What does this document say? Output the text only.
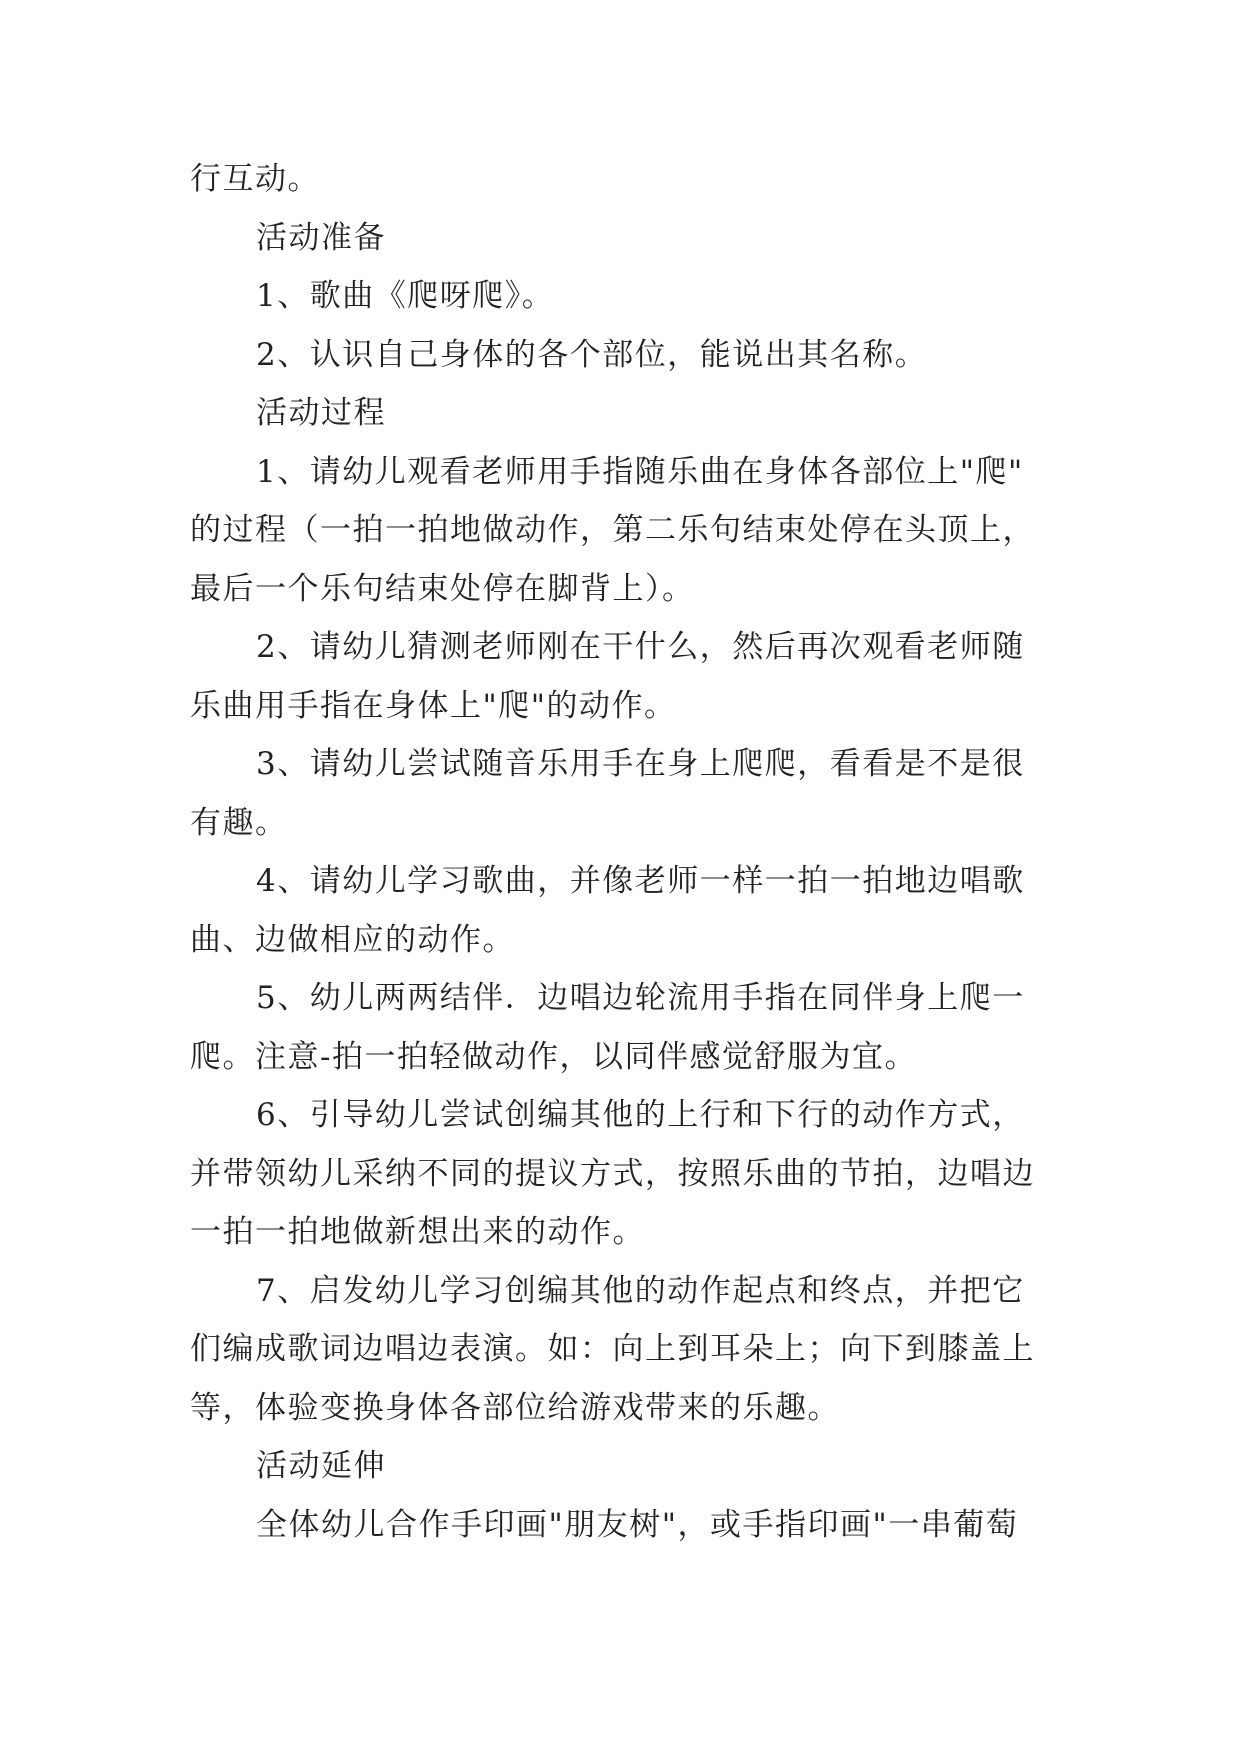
行互动。
活动准备
1、歌曲《爬呀爬》。
2、认识自己身体的各个部位，能说出其名称。
活动过程
1、请幼儿观看老师用手指随乐曲在身体各部位上"爬"
的过程（一拍一拍地做动作，第二乐句结束处停在头顶上，
最后一个乐句结束处停在脚背上）。
2、请幼儿猜测老师刚在干什么，然后再次观看老师随
乐曲用手指在身体上"爬"的动作。
3、请幼儿尝试随音乐用手在身上爬爬，看看是不是很
有趣。
4、请幼儿学习歌曲，并像老师一样一拍一拍地边唱歌
曲、边做相应的动作。
5、幼儿两两结伴．边唱边轮流用手指在同伴身上爬一
爬。注意-拍一拍轻做动作，以同伴感觉舒服为宜。
6、引导幼儿尝试创编其他的上行和下行的动作方式，
并带领幼儿采纳不同的提议方式，按照乐曲的节拍，边唱边
一拍一拍地做新想出来的动作。
7、启发幼儿学习创编其他的动作起点和终点，并把它
们编成歌词边唱边表演。如：向上到耳朵上；向下到膝盖上
等，体验变换身体各部位给游戏带来的乐趣。
活动延伸
全体幼儿合作手印画"朋友树"，或手指印画"一串葡萄
